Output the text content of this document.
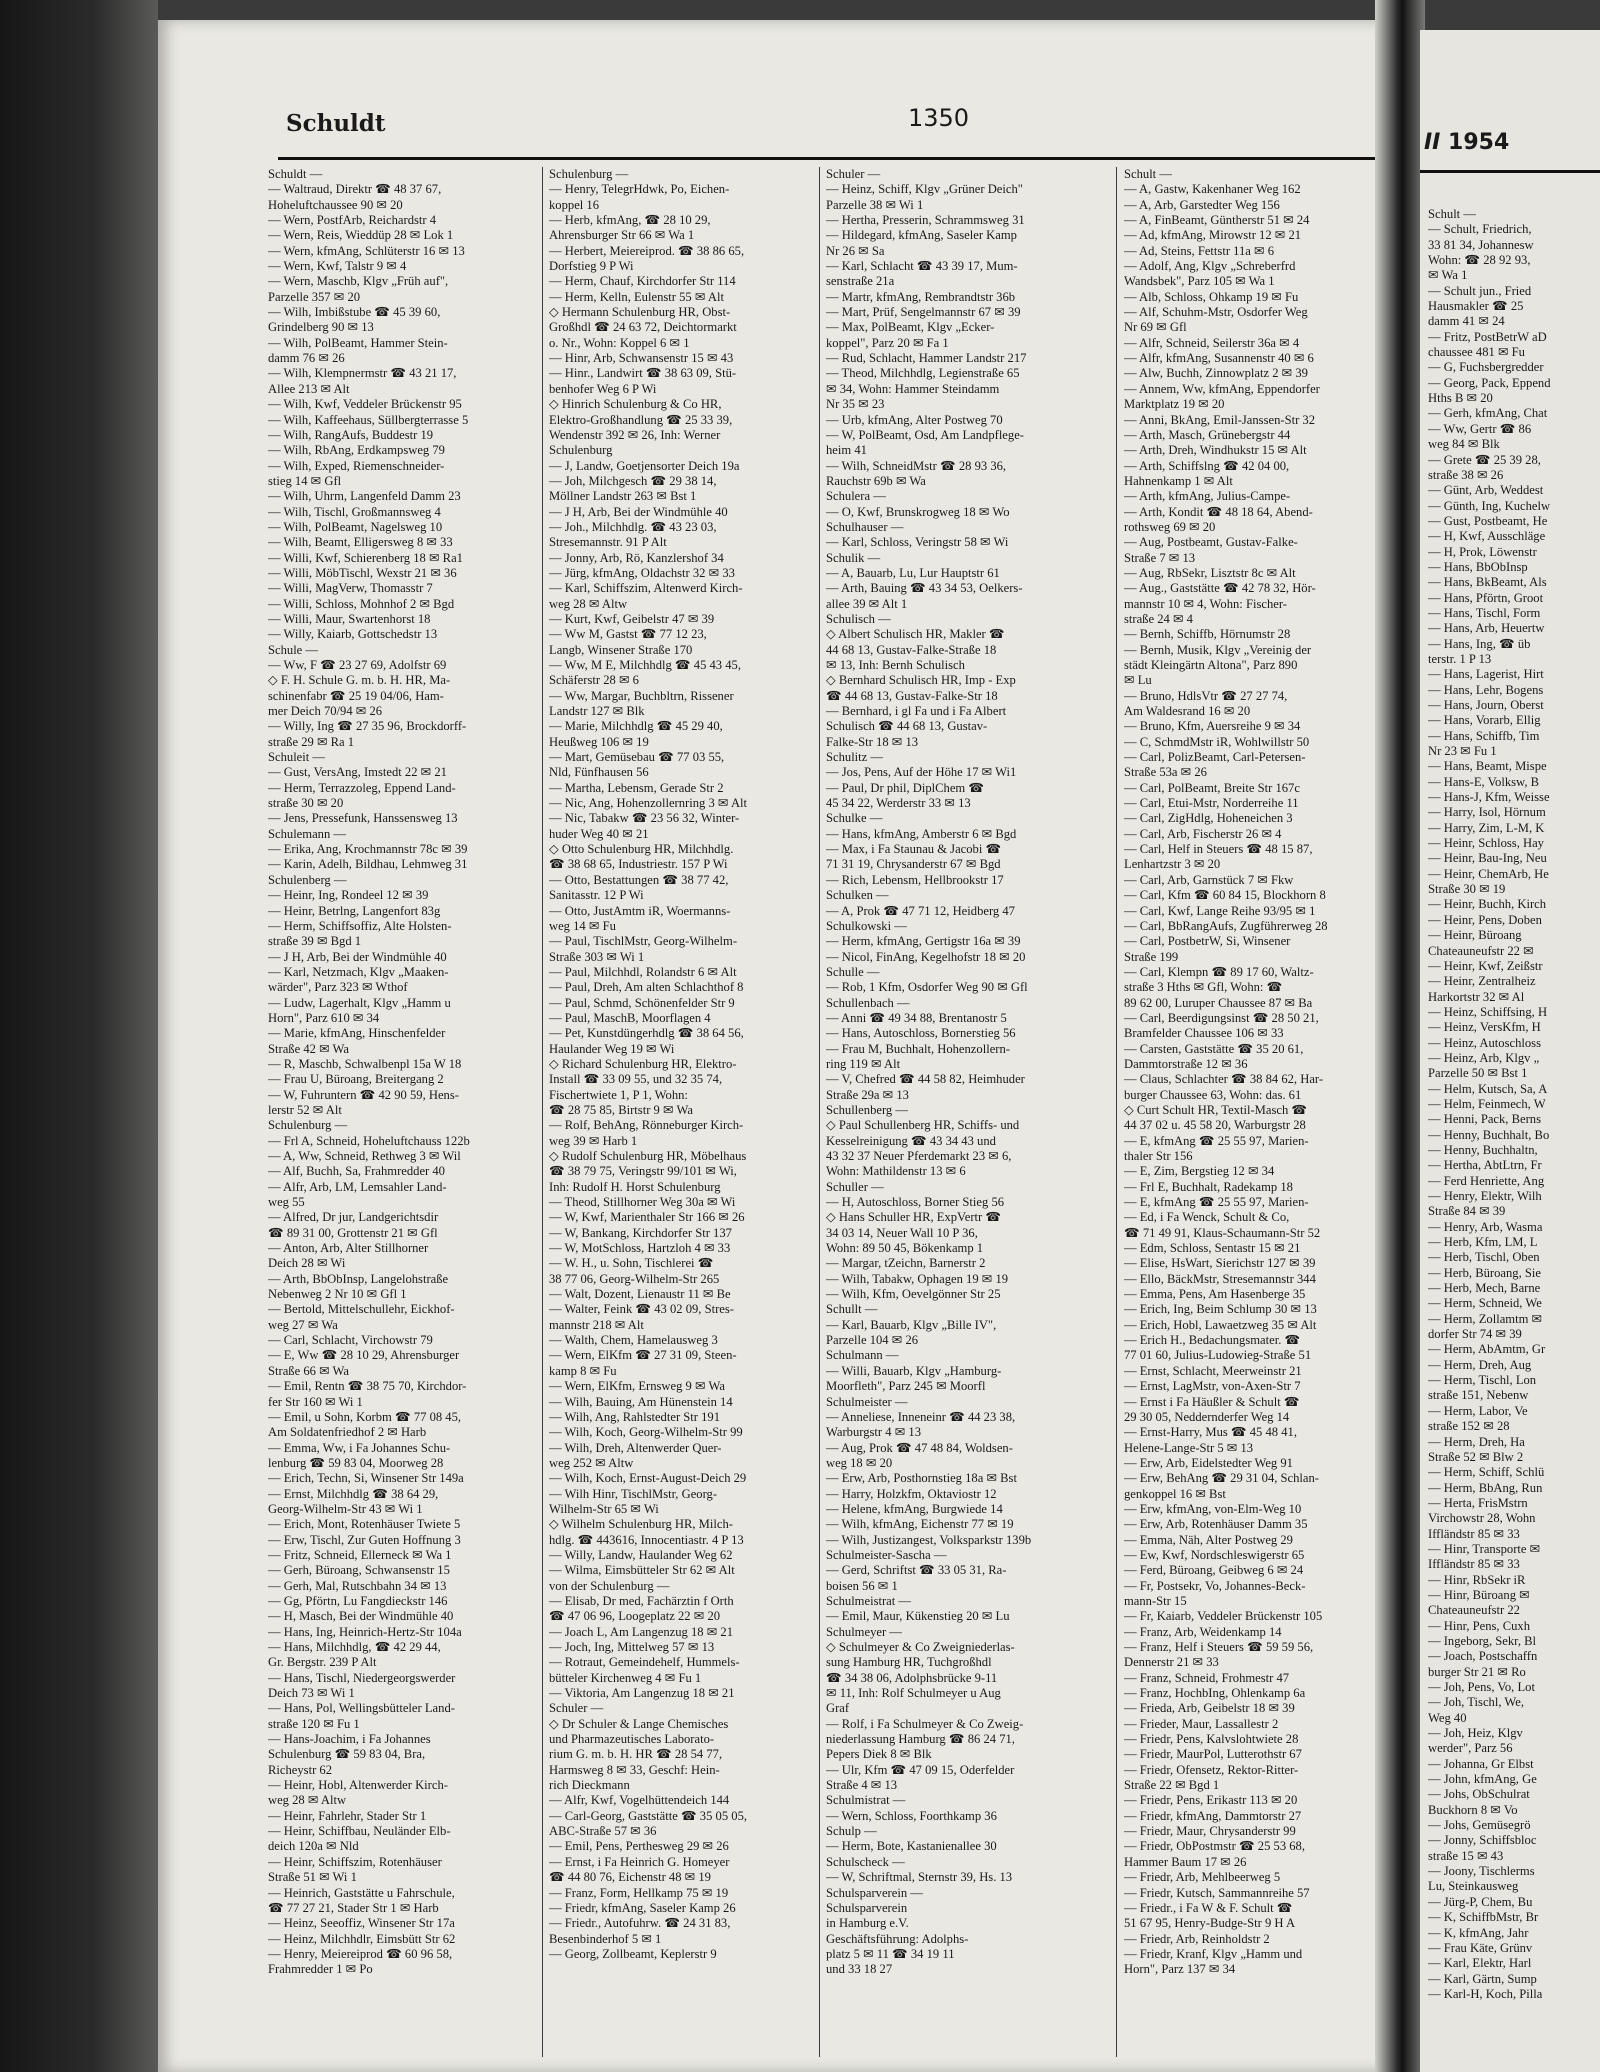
Schuldt	1350
Schuldt —
— Waltraud, Direktr ☎ 48 37 67,
Hoheluftchaussee 90 ✉ 20
— Wern, PostfArb, Reichardstr 4
— Wern, Reis, Wieddüp 28 ✉ Lok 1
— Wern, kfmAng, Schlüterstr 16 ✉ 13
— Wern, Kwf, Talstr 9 ✉ 4
— Wern, Maschb, Klgv „Früh auf",
Parzelle 357 ✉ 20
— Wilh, Imbißstube ☎ 45 39 60,
Grindelberg 90 ✉ 13
— Wilh, PolBeamt, Hammer Stein-
damm 76 ✉ 26
— Wilh, Klempnermstr ☎ 43 21 17,
Allee 213 ✉ Alt
— Wilh, Kwf, Veddeler Brückenstr 95
— Wilh, Kaffeehaus, Süllbergterrasse 5
— Wilh, RangAufs, Buddestr 19
— Wilh, RbAng, Erdkampsweg 79
— Wilh, Exped, Riemenschneider-
stieg 14 ✉ Gfl
— Wilh, Uhrm, Langenfeld Damm 23
— Wilh, Tischl, Großmannsweg 4
— Wilh, PolBeamt, Nagelsweg 10
— Wilh, Beamt, Elligersweg 8 ✉ 33
— Willi, Kwf, Schierenberg 18 ✉ Ra1
— Willi, MöbTischl, Wexstr 21 ✉ 36
— Willi, MagVerw, Thomasstr 7
— Willi, Schloss, Mohnhof 2 ✉ Bgd
— Willi, Maur, Swartenhorst 18
— Willy, Kaiarb, Gottschedstr 13
Schule —
— Ww, F ☎ 23 27 69, Adolfstr 69
◇ F. H. Schule G. m. b. H. HR, Ma-
schinenfabr ☎ 25 19 04/06, Ham-
mer Deich 70/94 ✉ 26
— Willy, Ing ☎ 27 35 96, Brockdorff-
straße 29 ✉ Ra 1
Schuleit —
— Gust, VersAng, Imstedt 22 ✉ 21
— Herm, Terrazzoleg, Eppend Land-
straße 30 ✉ 20
— Jens, Pressefunk, Hanssensweg 13
Schulemann —
— Erika, Ang, Krochmannstr 78c ✉ 39
— Karin, Adelh, Bildhau, Lehmweg 31
Schulenberg —
— Heinr, Ing, Rondeel 12 ✉ 39
— Heinr, Betrlng, Langenfort 83g
— Herm, Schiffsoffiz, Alte Holsten-
straße 39 ✉ Bgd 1
— J H, Arb, Bei der Windmühle 40
— Karl, Netzmach, Klgv „Maaken-
wärder", Parz 323 ✉ Wthof
— Ludw, Lagerhalt, Klgv „Hamm u
Horn", Parz 610 ✉ 34
— Marie, kfmAng, Hinschenfelder
Straße 42 ✉ Wa
— R, Maschb, Schwalbenpl 15a W 18
— Frau U, Büroang, Breitergang 2
— W, Fuhruntern ☎ 42 90 59, Hens-
lerstr 52 ✉ Alt
Schulenburg —
— Frl A, Schneid, Hoheluftchauss 122b
— A, Ww, Schneid, Rethweg 3 ✉ Wil
— Alf, Buchh, Sa, Frahmredder 40
— Alfr, Arb, LM, Lemsahler Land-
weg 55
— Alfred, Dr jur, Landgerichtsdir
☎ 89 31 00, Grottenstr 21 ✉ Gfl
— Anton, Arb, Alter Stillhorner
Deich 28 ✉ Wi
— Arth, BbObInsp, Langelohstraße
Nebenweg 2 Nr 10 ✉ Gfl 1
— Bertold, Mittelschullehr, Eickhof-
weg 27 ✉ Wa
— Carl, Schlacht, Virchowstr 79
— E, Ww ☎ 28 10 29, Ahrensburger
Straße 66 ✉ Wa
— Emil, Rentn ☎ 38 75 70, Kirchdor-
fer Str 160 ✉ Wi 1
— Emil, u Sohn, Korbm ☎ 77 08 45,
Am Soldatenfriedhof 2 ✉ Harb
— Emma, Ww, i Fa Johannes Schu-
lenburg ☎ 59 83 04, Moorweg 28
— Erich, Techn, Si, Winsener Str 149a
— Ernst, Milchhdlg ☎ 38 64 29,
Georg-Wilhelm-Str 43 ✉ Wi 1
— Erich, Mont, Rotenhäuser Twiete 5
— Erw, Tischl, Zur Guten Hoffnung 3
— Fritz, Schneid, Ellerneck ✉ Wa 1
— Gerh, Büroang, Schwansenstr 15
— Gerh, Mal, Rutschbahn 34 ✉ 13
— Gg, Pförtn, Lu Fangdieckstr 146
— H, Masch, Bei der Windmühle 40
— Hans, Ing, Heinrich-Hertz-Str 104a
— Hans, Milchhdlg, ☎ 42 29 44,
Gr. Bergstr. 239 P Alt
— Hans, Tischl, Niedergeorgswerder
Deich 73 ✉ Wi 1
— Hans, Pol, Wellingsbütteler Land-
straße 120 ✉ Fu 1
— Hans-Joachim, i Fa Johannes
Schulenburg ☎ 59 83 04, Bra,
Richeystr 62
— Heinr, Hobl, Altenwerder Kirch-
weg 28 ✉ Altw
— Heinr, Fahrlehr, Stader Str 1
— Heinr, Schiffbau, Neuländer Elb-
deich 120a ✉ Nld
— Heinr, Schiffszim, Rotenhäuser
Straße 51 ✉ Wi 1
— Heinrich, Gaststätte u Fahrschule,
☎ 77 27 21, Stader Str 1 ✉ Harb
— Heinz, Seeoffiz, Winsener Str 17a
— Heinz, Milchhdlr, Eimsbütt Str 62
— Henry, Meiereiprod ☎ 60 96 58,
Frahmredder 1 ✉ Po
Schulenburg —
— Henry, TelegrHdwk, Po, Eichen-
koppel 16
— Herb, kfmAng, ☎ 28 10 29,
Ahrensburger Str 66 ✉ Wa 1
— Herbert, Meiereiprod. ☎ 38 86 65,
Dorfstieg 9 P Wi
— Herm, Chauf, Kirchdorfer Str 114
— Herm, Kelln, Eulenstr 55 ✉ Alt
◇ Hermann Schulenburg HR, Obst-
Großhdl ☎ 24 63 72, Deichtormarkt
o. Nr., Wohn: Koppel 6 ✉ 1
— Hinr, Arb, Schwansenstr 15 ✉ 43
— Hinr., Landwirt ☎ 38 63 09, Stü-
benhofer Weg 6 P Wi
◇ Hinrich Schulenburg & Co HR,
Elektro-Großhandlung ☎ 25 33 39,
Wendenstr 392 ✉ 26, Inh: Werner
Schulenburg
— J, Landw, Goetjensorter Deich 19a
— Joh, Milchgesch ☎ 29 38 14,
Möllner Landstr 263 ✉ Bst 1
— J H, Arb, Bei der Windmühle 40
— Joh., Milchhdlg. ☎ 43 23 03,
Stresemannstr. 91 P Alt
— Jonny, Arb, Rö, Kanzlershof 34
— Jürg, kfmAng, Oldachstr 32 ✉ 33
— Karl, Schiffszim, Altenwerd Kirch-
weg 28 ✉ Altw
— Kurt, Kwf, Geibelstr 47 ✉ 39
— Ww M, Gastst ☎ 77 12 23,
Langb, Winsener Straße 170
— Ww, M E, Milchhdlg ☎ 45 43 45,
Schäferstr 28 ✉ 6
— Ww, Margar, Buchbltrn, Rissener
Landstr 127 ✉ Blk
— Marie, Milchhdlg ☎ 45 29 40,
Heußweg 106 ✉ 19
— Mart, Gemüsebau ☎ 77 03 55,
Nld, Fünfhausen 56
— Martha, Lebensm, Gerade Str 2
— Nic, Ang, Hohenzollernring 3 ✉ Alt
— Nic, Tabakw ☎ 23 56 32, Winter-
huder Weg 40 ✉ 21
◇ Otto Schulenburg HR, Milchhdlg.
☎ 38 68 65, Industriestr. 157 P Wi
— Otto, Bestattungen ☎ 38 77 42,
Sanitasstr. 12 P Wi
— Otto, JustAmtm iR, Woermanns-
weg 14 ✉ Fu
— Paul, TischlMstr, Georg-Wilhelm-
Straße 303 ✉ Wi 1
— Paul, Milchhdl, Rolandstr 6 ✉ Alt
— Paul, Dreh, Am alten Schlachthof 8
— Paul, Schmd, Schönenfelder Str 9
— Paul, MaschB, Moorflagen 4
— Pet, Kunstdüngerhdlg ☎ 38 64 56,
Haulander Weg 19 ✉ Wi
◇ Richard Schulenburg HR, Elektro-
Install ☎ 33 09 55, und 32 35 74,
Fischertwiete 1, P 1, Wohn:
☎ 28 75 85, Birtstr 9 ✉ Wa
— Rolf, BehAng, Rönneburger Kirch-
weg 39 ✉ Harb 1
◇ Rudolf Schulenburg HR, Möbelhaus
☎ 38 79 75, Veringstr 99/101 ✉ Wi,
Inh: Rudolf H. Horst Schulenburg
— Theod, Stillhorner Weg 30a ✉ Wi
— W, Kwf, Marienthaler Str 166 ✉ 26
— W, Bankang, Kirchdorfer Str 137
— W, MotSchloss, Hartzloh 4 ✉ 33
— W. H., u. Sohn, Tischlerei ☎
38 77 06, Georg-Wilhelm-Str 265
— Walt, Dozent, Lienaustr 11 ✉ Be
— Walter, Feink ☎ 43 02 09, Stres-
mannstr 218 ✉ Alt
— Walth, Chem, Hamelausweg 3
— Wern, ElKfm ☎ 27 31 09, Steen-
kamp 8 ✉ Fu
— Wern, ElKfm, Ernsweg 9 ✉ Wa
— Wilh, Bauing, Am Hünenstein 14
— Wilh, Ang, Rahlstedter Str 191
— Wilh, Koch, Georg-Wilhelm-Str 99
— Wilh, Dreh, Altenwerder Quer-
weg 252 ✉ Altw
— Wilh, Koch, Ernst-August-Deich 29
— Wilh Hinr, TischlMstr, Georg-
Wilhelm-Str 65 ✉ Wi
◇ Wilhelm Schulenburg HR, Milch-
hdlg. ☎ 443616, Innocentiastr. 4 P 13
— Willy, Landw, Haulander Weg 62
— Wilma, Eimsbütteler Str 62 ✉ Alt
von der Schulenburg —
— Elisab, Dr med, Fachärztin f Orth
☎ 47 06 96, Loogeplatz 22 ✉ 20
— Joach L, Am Langenzug 18 ✉ 21
— Joch, Ing, Mittelweg 57 ✉ 13
— Rotraut, Gemeindehelf, Hummels-
bütteler Kirchenweg 4 ✉ Fu 1
— Viktoria, Am Langenzug 18 ✉ 21
Schuler —
◇ Dr Schuler & Lange Chemisches
und Pharmazeutisches Laborato-
rium G. m. b. H. HR ☎ 28 54 77,
Harmsweg 8 ✉ 33, Geschf: Hein-
rich Dieckmann
— Alfr, Kwf, Vogelhüttendeich 144
— Carl-Georg, Gaststätte ☎ 35 05 05,
ABC-Straße 57 ✉ 36
— Emil, Pens, Perthesweg 29 ✉ 26
— Ernst, i Fa Heinrich G. Homeyer
☎ 44 80 76, Eichenstr 48 ✉ 19
— Franz, Form, Hellkamp 75 ✉ 19
— Friedr, kfmAng, Saseler Kamp 26
— Friedr., Autofuhrw. ☎ 24 31 83,
Besenbinderhof 5 ✉ 1
— Georg, Zollbeamt, Keplerstr 9
Schuler —
— Heinz, Schiff, Klgv „Grüner Deich"
Parzelle 38 ✉ Wi 1
— Hertha, Presserin, Schrammsweg 31
— Hildegard, kfmAng, Saseler Kamp
Nr 26 ✉ Sa
— Karl, Schlacht ☎ 43 39 17, Mum-
senstraße 21a
— Martr, kfmAng, Rembrandtstr 36b
— Mart, Prüf, Sengelmannstr 67 ✉ 39
— Max, PolBeamt, Klgv „Ecker-
koppel", Parz 20 ✉ Fa 1
— Rud, Schlacht, Hammer Landstr 217
— Theod, Milchhdlg, Legienstraße 65
✉ 34, Wohn: Hammer Steindamm
Nr 35 ✉ 23
— Urb, kfmAng, Alter Postweg 70
— W, PolBeamt, Osd, Am Landpflege-
heim 41
— Wilh, SchneidMstr ☎ 28 93 36,
Rauchstr 69b ✉ Wa
Schulera —
— O, Kwf, Brunskrogweg 18 ✉ Wo
Schulhauser —
— Karl, Schloss, Veringstr 58 ✉ Wi
Schulik —
— A, Bauarb, Lu, Lur Hauptstr 61
— Arth, Bauing ☎ 43 34 53, Oelkers-
allee 39 ✉ Alt 1
Schulisch —
◇ Albert Schulisch HR, Makler ☎
44 68 13, Gustav-Falke-Straße 18
✉ 13, Inh: Bernh Schulisch
◇ Bernhard Schulisch HR, Imp - Exp
☎ 44 68 13, Gustav-Falke-Str 18
— Bernhard, i gl Fa und i Fa Albert
Schulisch ☎ 44 68 13, Gustav-
Falke-Str 18 ✉ 13
Schulitz —
— Jos, Pens, Auf der Höhe 17 ✉ Wi1
— Paul, Dr phil, DiplChem ☎
45 34 22, Werderstr 33 ✉ 13
Schulke —
— Hans, kfmAng, Amberstr 6 ✉ Bgd
— Max, i Fa Staunau & Jacobi ☎
71 31 19, Chrysanderstr 67 ✉ Bgd
— Rich, Lebensm, Hellbrookstr 17
Schulken —
— A, Prok ☎ 47 71 12, Heidberg 47
Schulkowski —
— Herm, kfmAng, Gertigstr 16a ✉ 39
— Nicol, FinAng, Kegelhofstr 18 ✉ 20
Schulle —
— Rob, 1 Kfm, Osdorfer Weg 90 ✉ Gfl
Schullenbach —
— Anni ☎ 49 34 88, Brentanostr 5
— Hans, Autoschloss, Bornerstieg 56
— Frau M, Buchhalt, Hohenzollern-
ring 119 ✉ Alt
— V, Chefred ☎ 44 58 82, Heimhuder
Straße 29a ✉ 13
Schullenberg —
◇ Paul Schullenberg HR, Schiffs- und
Kesselreinigung ☎ 43 34 43 und
43 32 37 Neuer Pferdemarkt 23 ✉ 6,
Wohn: Mathildenstr 13 ✉ 6
Schuller —
— H, Autoschloss, Borner Stieg 56
◇ Hans Schuller HR, ExpVertr ☎
34 03 14, Neuer Wall 10 P 36,
Wohn: 89 50 45, Bökenkamp 1
— Margar, tZeichn, Barnerstr 2
— Wilh, Tabakw, Ophagen 19 ✉ 19
— Wilh, Kfm, Oevelgönner Str 25
Schullt —
— Karl, Bauarb, Klgv „Bille IV",
Parzelle 104 ✉ 26
Schulmann —
— Willi, Bauarb, Klgv „Hamburg-
Moorfleth", Parz 245 ✉ Moorfl
Schulmeister —
— Anneliese, Inneneinr ☎ 44 23 38,
Warburgstr 4 ✉ 13
— Aug, Prok ☎ 47 48 84, Woldsen-
weg 18 ✉ 20
— Erw, Arb, Posthornstieg 18a ✉ Bst
— Harry, Holzkfm, Oktaviostr 12
— Helene, kfmAng, Burgwiede 14
— Wilh, kfmAng, Eichenstr 77 ✉ 19
— Wilh, Justizangest, Volksparkstr 139b
Schulmeister-Sascha —
— Gerd, Schriftst ☎ 33 05 31, Ra-
boisen 56 ✉ 1
Schulmeistrat —
— Emil, Maur, Kükenstieg 20 ✉ Lu
Schulmeyer —
◇ Schulmeyer & Co Zweigniederlas-
sung Hamburg HR, Tuchgroßhdl
☎ 34 38 06, Adolphsbrücke 9-11
✉ 11, Inh: Rolf Schulmeyer u Aug
Graf
— Rolf, i Fa Schulmeyer & Co Zweig-
niederlassung Hamburg ☎ 86 24 71,
Pepers Diek 8 ✉ Blk
— Ulr, Kfm ☎ 47 09 15, Oderfelder
Straße 4 ✉ 13
Schulmistrat —
— Wern, Schloss, Foorthkamp 36
Schulp —
— Herm, Bote, Kastanienallee 30
Schulscheck —
— W, Schriftmal, Sternstr 39, Hs. 13
Schulsparverein —
Schulsparverein
in Hamburg e.V.
Geschäftsführung: Adolphs-
platz 5 ✉ 11 ☎ 34 19 11
und 33 18 27
Schult —
— A, Gastw, Kakenhaner Weg 162
— A, Arb, Garstedter Weg 156
— A, FinBeamt, Güntherstr 51 ✉ 24
— Ad, kfmAng, Mirowstr 12 ✉ 21
— Ad, Steins, Fettstr 11a ✉ 6
— Adolf, Ang, Klgv „Schreberfrd
Wandsbek", Parz 105 ✉ Wa 1
— Alb, Schloss, Ohkamp 19 ✉ Fu
— Alf, Schuhm-Mstr, Osdorfer Weg
Nr 69 ✉ Gfl
— Alfr, Schneid, Seilerstr 36a ✉ 4
— Alfr, kfmAng, Susannenstr 40 ✉ 6
— Alw, Buchh, Zinnowplatz 2 ✉ 39
— Annem, Ww, kfmAng, Eppendorfer
Marktplatz 19 ✉ 20
— Anni, BkAng, Emil-Janssen-Str 32
— Arth, Masch, Grünebergstr 44
— Arth, Dreh, Windhukstr 15 ✉ Alt
— Arth, Schiffslng ☎ 42 04 00,
Hahnenkamp 1 ✉ Alt
— Arth, kfmAng, Julius-Campe-
— Arth, Kondit ☎ 48 18 64, Abend-
rothsweg 69 ✉ 20
— Aug, Postbeamt, Gustav-Falke-
Straße 7 ✉ 13
— Aug, RbSekr, Lisztstr 8c ✉ Alt
— Aug., Gaststätte ☎ 42 78 32, Hör-
mannstr 10 ✉ 4, Wohn: Fischer-
straße 24 ✉ 4
— Bernh, Schiffb, Hörnumstr 28
— Bernh, Musik, Klgv „Vereinig der
städt Kleingärtn Altona", Parz 890
✉ Lu
— Bruno, HdlsVtr ☎ 27 27 74,
Am Waldesrand 16 ✉ 20
— Bruno, Kfm, Auersreihe 9 ✉ 34
— C, SchmdMstr iR, Wohlwillstr 50
— Carl, PolizBeamt, Carl-Petersen-
Straße 53a ✉ 26
— Carl, PolBeamt, Breite Str 167c
— Carl, Etui-Mstr, Norderreihe 11
— Carl, ZigHdlg, Hoheneichen 3
— Carl, Arb, Fischerstr 26 ✉ 4
— Carl, Helf in Steuers ☎ 48 15 87,
Lenhartzstr 3 ✉ 20
— Carl, Arb, Garnstück 7 ✉ Fkw
— Carl, Kfm ☎ 60 84 15, Blockhorn 8
— Carl, Kwf, Lange Reihe 93/95 ✉ 1
— Carl, BbRangAufs, Zugführerweg 28
— Carl, PostbetrW, Si, Winsener
Straße 199
— Carl, Klempn ☎ 89 17 60, Waltz-
straße 3 Hths ✉ Gfl, Wohn: ☎
89 62 00, Luruper Chaussee 87 ✉ Ba
— Carl, Beerdigungsinst ☎ 28 50 21,
Bramfelder Chaussee 106 ✉ 33
— Carsten, Gaststätte ☎ 35 20 61,
Dammtorstraße 12 ✉ 36
— Claus, Schlachter ☎ 38 84 62, Har-
burger Chaussee 63, Wohn: das. 61
◇ Curt Schult HR, Textil-Masch ☎
44 37 02 u. 45 58 20, Warburgstr 28
— E, kfmAng ☎ 25 55 97, Marien-
thaler Str 156
— E, Zim, Bergstieg 12 ✉ 34
— Frl E, Buchhalt, Radekamp 18
— E, kfmAng ☎ 25 55 97, Marien-
— Ed, i Fa Wenck, Schult & Co,
☎ 71 49 91, Klaus-Schaumann-Str 52
— Edm, Schloss, Sentastr 15 ✉ 21
— Elise, HsWart, Sierichstr 127 ✉ 39
— Ello, BäckMstr, Stresemannstr 344
— Emma, Pens, Am Hasenberge 35
— Erich, Ing, Beim Schlump 30 ✉ 13
— Erich, Hobl, Lawaetzweg 35 ✉ Alt
— Erich H., Bedachungsmater. ☎
77 01 60, Julius-Ludowieg-Straße 51
— Ernst, Schlacht, Meerweinstr 21
— Ernst, LagMstr, von-Axen-Str 7
— Ernst i Fa Häußler & Schult ☎
29 30 05, Neddernderfer Weg 14
— Ernst-Harry, Mus ☎ 45 48 41,
Helene-Lange-Str 5 ✉ 13
— Erw, Arb, Eidelstedter Weg 91
— Erw, BehAng ☎ 29 31 04, Schlan-
genkoppel 16 ✉ Bst
— Erw, kfmAng, von-Elm-Weg 10
— Erw, Arb, Rotenhäuser Damm 35
— Emma, Näh, Alter Postweg 29
— Ew, Kwf, Nordschleswigerstr 65
— Ferd, Büroang, Geibweg 6 ✉ 24
— Fr, Postsekr, Vo, Johannes-Beck-
mann-Str 15
— Fr, Kaiarb, Veddeler Brückenstr 105
— Franz, Arb, Weidenkamp 14
— Franz, Helf i Steuers ☎ 59 59 56,
Dennerstr 21 ✉ 33
— Franz, Schneid, Frohmestr 47
— Franz, HochbIng, Ohlenkamp 6a
— Frieda, Arb, Geibelstr 18 ✉ 39
— Frieder, Maur, Lassallestr 2
— Friedr, Pens, Kalvslohtwiete 28
— Friedr, MaurPol, Lutterothstr 67
— Friedr, Ofensetz, Rektor-Ritter-
Straße 22 ✉ Bgd 1
— Friedr, Pens, Erikastr 113 ✉ 20
— Friedr, kfmAng, Dammtorstr 27
— Friedr, Maur, Chrysanderstr 99
— Friedr, ObPostmstr ☎ 25 53 68,
Hammer Baum 17 ✉ 26
— Friedr, Arb, Mehlbeerweg 5
— Friedr, Kutsch, Sammannreihe 57
— Friedr., i Fa W & F. Schult ☎
51 67 95, Henry-Budge-Str 9 H A
— Friedr, Arb, Reinholdstr 2
— Friedr, Kranf, Klgv „Hamm und
Horn", Parz 137 ✉ 34
II 1954
Schult —
— Schult, Friedrich,
33 81 34, Johannesw
Wohn: ☎ 28 92 93,
✉ Wa 1
— Schult jun., Fried
Hausmakler ☎ 25
damm 41 ✉ 24
— Fritz, PostBetrW aD
chaussee 481 ✉ Fu
— G, Fuchsbergredder
— Georg, Pack, Eppend
Hths B ✉ 20
— Gerh, kfmAng, Chat
— Ww, Gertr ☎ 86
weg 84 ✉ Blk
— Grete ☎ 25 39 28,
straße 38 ✉ 26
— Günt, Arb, Weddest
— Günth, Ing, Kuchelw
— Gust, Postbeamt, He
— H, Kwf, Ausschläge
— H, Prok, Löwenstr
— Hans, BbObInsp
— Hans, BkBeamt, Als
— Hans, Pförtn, Groot
— Hans, Tischl, Form
— Hans, Arb, Heuertw
— Hans, Ing, ☎ üb
terstr. 1 P 13
— Hans, Lagerist, Hirt
— Hans, Lehr, Bogens
— Hans, Journ, Oberst
— Hans, Vorarb, Ellig
— Hans, Schiffb, Tim
Nr 23 ✉ Fu 1
— Hans, Beamt, Mispe
— Hans-E, Volksw, B
— Hans-J, Kfm, Weisse
— Harry, Isol, Hörnum
— Harry, Zim, L-M, K
— Heinr, Schloss, Hay
— Heinr, Bau-Ing, Neu
— Heinr, ChemArb, He
Straße 30 ✉ 19
— Heinr, Buchh, Kirch
— Heinr, Pens, Doben
— Heinr, Büroang
Chateauneufstr 22 ✉
— Heinr, Kwf, Zeißstr
— Heinr, Zentralheiz
Harkortstr 32 ✉ Al
— Heinz, Schiffsing, H
— Heinz, VersKfm, H
— Heinz, Autoschloss
— Heinz, Arb, Klgv „
Parzelle 50 ✉ Bst 1
— Helm, Kutsch, Sa, A
— Helm, Feinmech, W
— Henni, Pack, Berns
— Henny, Buchhalt, Bo
— Henny, Buchhaltn,
— Hertha, AbtLtrn, Fr
— Ferd Henriette, Ang
— Henry, Elektr, Wilh
Straße 84 ✉ 39
— Henry, Arb, Wasma
— Herb, Kfm, LM, L
— Herb, Tischl, Oben
— Herb, Büroang, Sie
— Herb, Mech, Barne
— Herm, Schneid, We
— Herm, Zollamtm ✉
dorfer Str 74 ✉ 39
— Herm, AbAmtm, Gr
— Herm, Dreh, Aug
— Herm, Tischl, Lon
straße 151, Nebenw
— Herm, Labor, Ve
straße 152 ✉ 28
— Herm, Dreh, Ha
Straße 52 ✉ Blw 2
— Herm, Schiff, Schlü
— Herm, BbAng, Run
— Herta, FrisMstrn
Virchowstr 28, Wohn
Iffländstr 85 ✉ 33
— Hinr, Transporte ✉
Iffländstr 85 ✉ 33
— Hinr, RbSekr iR
— Hinr, Büroang ✉
Chateauneufstr 22
— Hinr, Pens, Cuxh
— Ingeborg, Sekr, Bl
— Joach, Postschaffn
burger Str 21 ✉ Ro
— Joh, Pens, Vo, Lot
— Joh, Tischl, We,
Weg 40
— Joh, Heiz, Klgv
werder", Parz 56
— Johanna, Gr Elbst
— John, kfmAng, Ge
— Johs, ObSchulrat
Buckhorn 8 ✉ Vo
— Johs, Gemüsegrö
— Jonny, Schiffsbloc
straße 15 ✉ 43
— Joony, Tischlerms
Lu, Steinkausweg
— Jürg-P, Chem, Bu
— K, SchiffbMstr, Br
— K, kfmAng, Jahr
— Frau Käte, Grünv
— Karl, Elektr, Harl
— Karl, Gärtn, Sump
— Karl-H, Koch, Pilla
